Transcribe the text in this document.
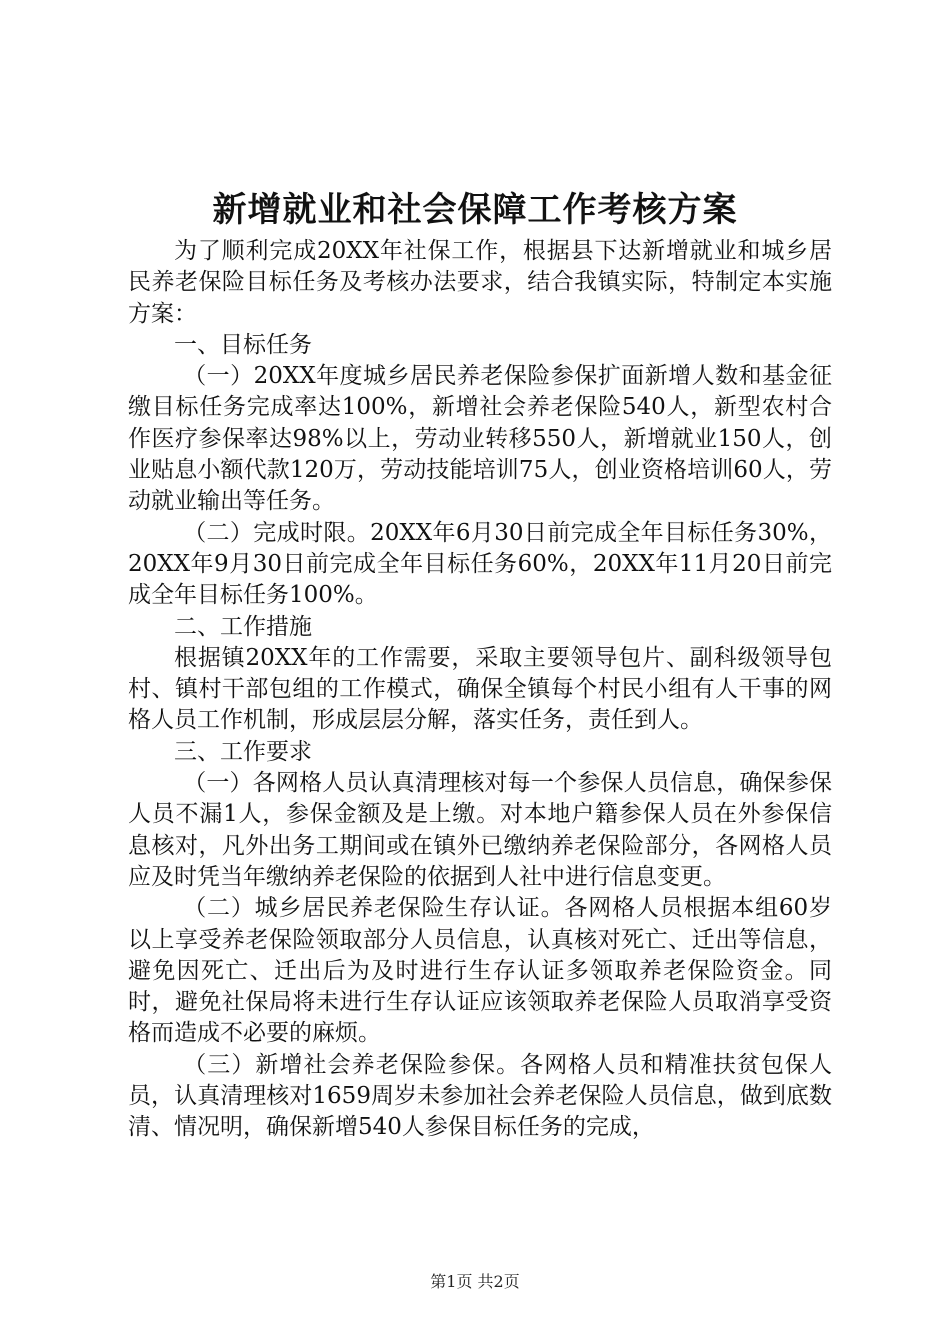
新增就业和社会保障工作考核方案

为了顺利完成20XX年社保工作，根据县下达新增就业和城乡居民养老保险目标任务及考核办法要求，结合我镇实际，特制定本实施方案：

一、目标任务

（一）20XX年度城乡居民养老保险参保扩面新增人数和基金征缴目标任务完成率达100%，新增社会养老保险540人，新型农村合作医疗参保率达98%以上，劳动业转移550人，新增就业150人，创业贴息小额代款120万，劳动技能培训75人，创业资格培训60人，劳动就业输出等任务。

（二）完成时限。20XX年6月30日前完成全年目标任务30%，20XX年9月30日前完成全年目标任务60%，20XX年11月20日前完成全年目标任务100%。

二、工作措施

根据镇20XX年的工作需要，采取主要领导包片、副科级领导包村、镇村干部包组的工作模式，确保全镇每个村民小组有人干事的网格人员工作机制，形成层层分解，落实任务，责任到人。

三、工作要求

（一）各网格人员认真清理核对每一个参保人员信息，确保参保人员不漏1人，参保金额及是上缴。对本地户籍参保人员在外参保信息核对，凡外出务工期间或在镇外已缴纳养老保险部分，各网格人员应及时凭当年缴纳养老保险的依据到人社中进行信息变更。

（二）城乡居民养老保险生存认证。各网格人员根据本组60岁以上享受养老保险领取部分人员信息，认真核对死亡、迁出等信息，避免因死亡、迁出后为及时进行生存认证多领取养老保险资金。同时，避免社保局将未进行生存认证应该领取养老保险人员取消享受资格而造成不必要的麻烦。

（三）新增社会养老保险参保。各网格人员和精准扶贫包保人员，认真清理核对1659周岁未参加社会养老保险人员信息，做到底数清、情况明，确保新增540人参保目标任务的完成，

第1页 共2页
